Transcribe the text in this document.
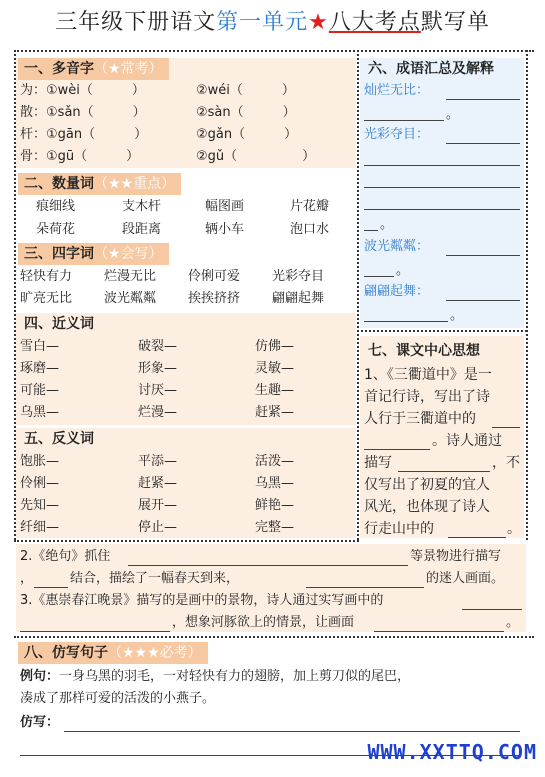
三年级下册语文第一单元★八大考点默写单
一、多音字（★常考）
为：①wèi（　　　）	②wéi（　　　）
散：①sǎn（　　　）	②sàn（　　　）
杆：①gān（　　　）	②gǎn（　　　）
骨：①gū（　　　）	②gǔ（　　　　　）
二、数量词（★★重点）
痕细线	支木杆	幅图画	片花瓣
朵荷花	段距离	辆小车	泡口水
三、四字词（★会写）
轻快有力 烂漫无比 伶俐可爱 光彩夺目
旷亮无比 波光粼粼 挨挨挤挤 翩翩起舞
四、近义词
雪白—	破裂—	仿佛—
琢磨—	形象—	灵敏—
可能—	讨厌—	生趣—
乌黑—	烂漫—	赶紧—
五、反义词
饱胀—	平添—	活泼—
伶俐—	赶紧—	乌黑—
先知—	展开—	鲜艳—
纤细—	停止—	完整—
六、成语汇总及解释
灿烂无比：
。
光彩夺目：
。
波光粼粼：
。
翩翩起舞：
。
七、课文中心思想
1、《三衢道中》是一
首记行诗，写出了诗
人行于三衢道中的
。诗人通过
描写	，不
仅写出了初夏的宜人
风光，也体现了诗人
行走山中的	。
2.《绝句》抓住	等景物进行描写
，	结合，描绘了一幅春天到来，	的迷人画面。
3.《惠崇春江晚景》描写的是画中的景物，诗人通过实写画中的
，想象河豚欲上的情景，让画面	。
八、仿写句子（★★★必考）
例句：一身乌黑的羽毛，一对轻快有力的翅膀，加上剪刀似的尾巴，
凑成了那样可爱的活泼的小燕子。
仿写：
WWW.XXTTQ.COM
